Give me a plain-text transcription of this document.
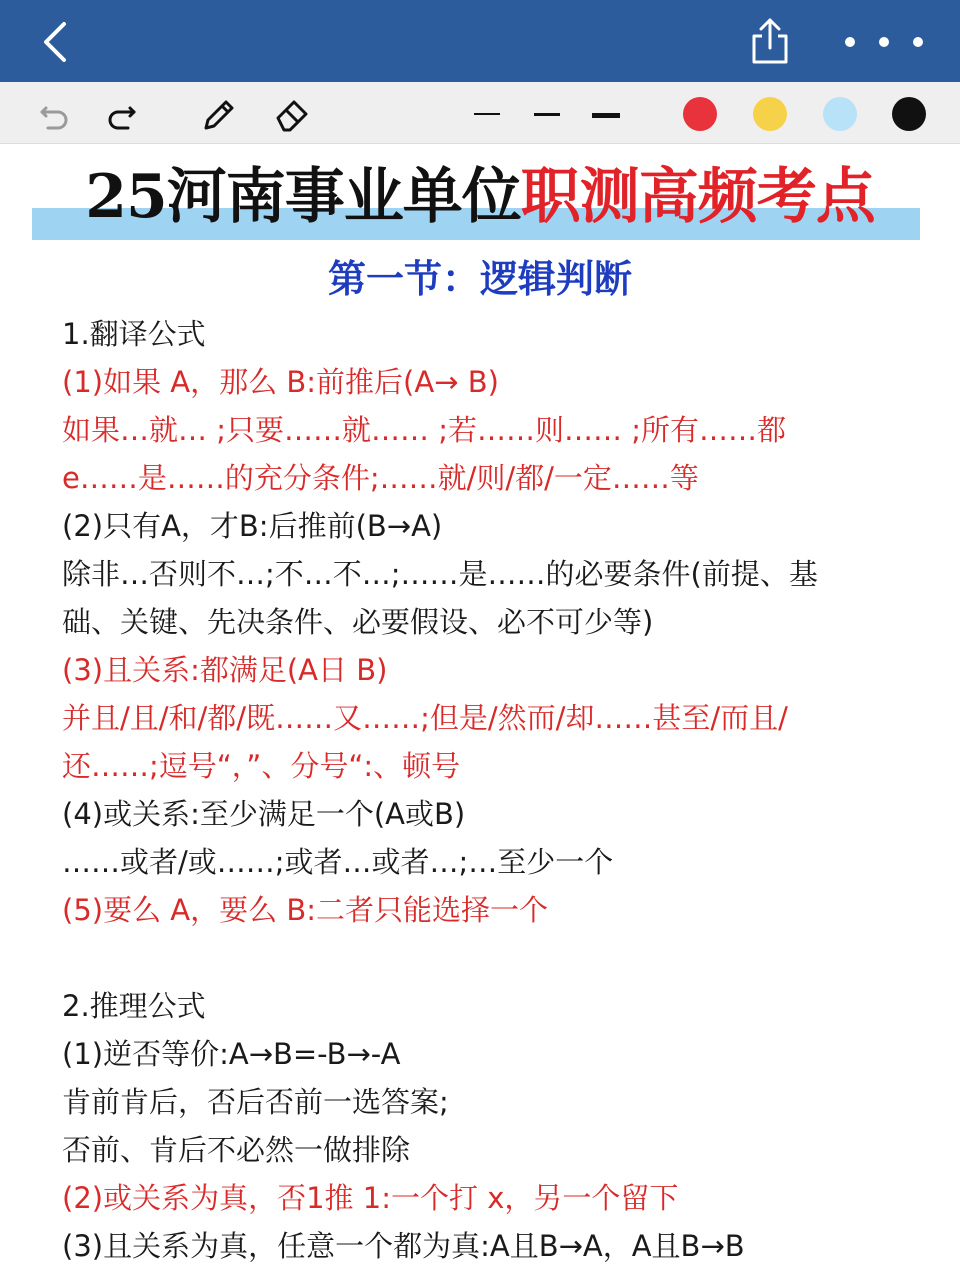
25河南事业单位职测高频考点
第一节：逻辑判断
1.翻译公式
(1)如果 A，那么 B:前推后(A→ B)
如果…就… ;只要……就…… ;若……则…… ;所有……都
e……是……的充分条件;……就/则/都/一定……等
(2)只有A，才B:后推前(B→A)
除非…否则不…;不…不…;……是……的必要条件(前提、基
础、关键、先决条件、必要假设、必不可少等)
(3)且关系:都满足(A日 B)
并且/且/和/都/既……又……;但是/然而/却……甚至/而且/
还……;逗号“，”、分号“:、顿号
(4)或关系:至少满足一个(A或B)
……或者/或……;或者…或者…;…至少一个
(5)要么 A，要么 B:二者只能选择一个
2.推理公式
(1)逆否等价:A→B=-B→-A
肯前肯后，否后否前一选答案;
否前、肯后不必然一做排除
(2)或关系为真，否1推 1:一个打 x，另一个留下
(3)且关系为真，任意一个都为真:A且B→A，A且B→B
